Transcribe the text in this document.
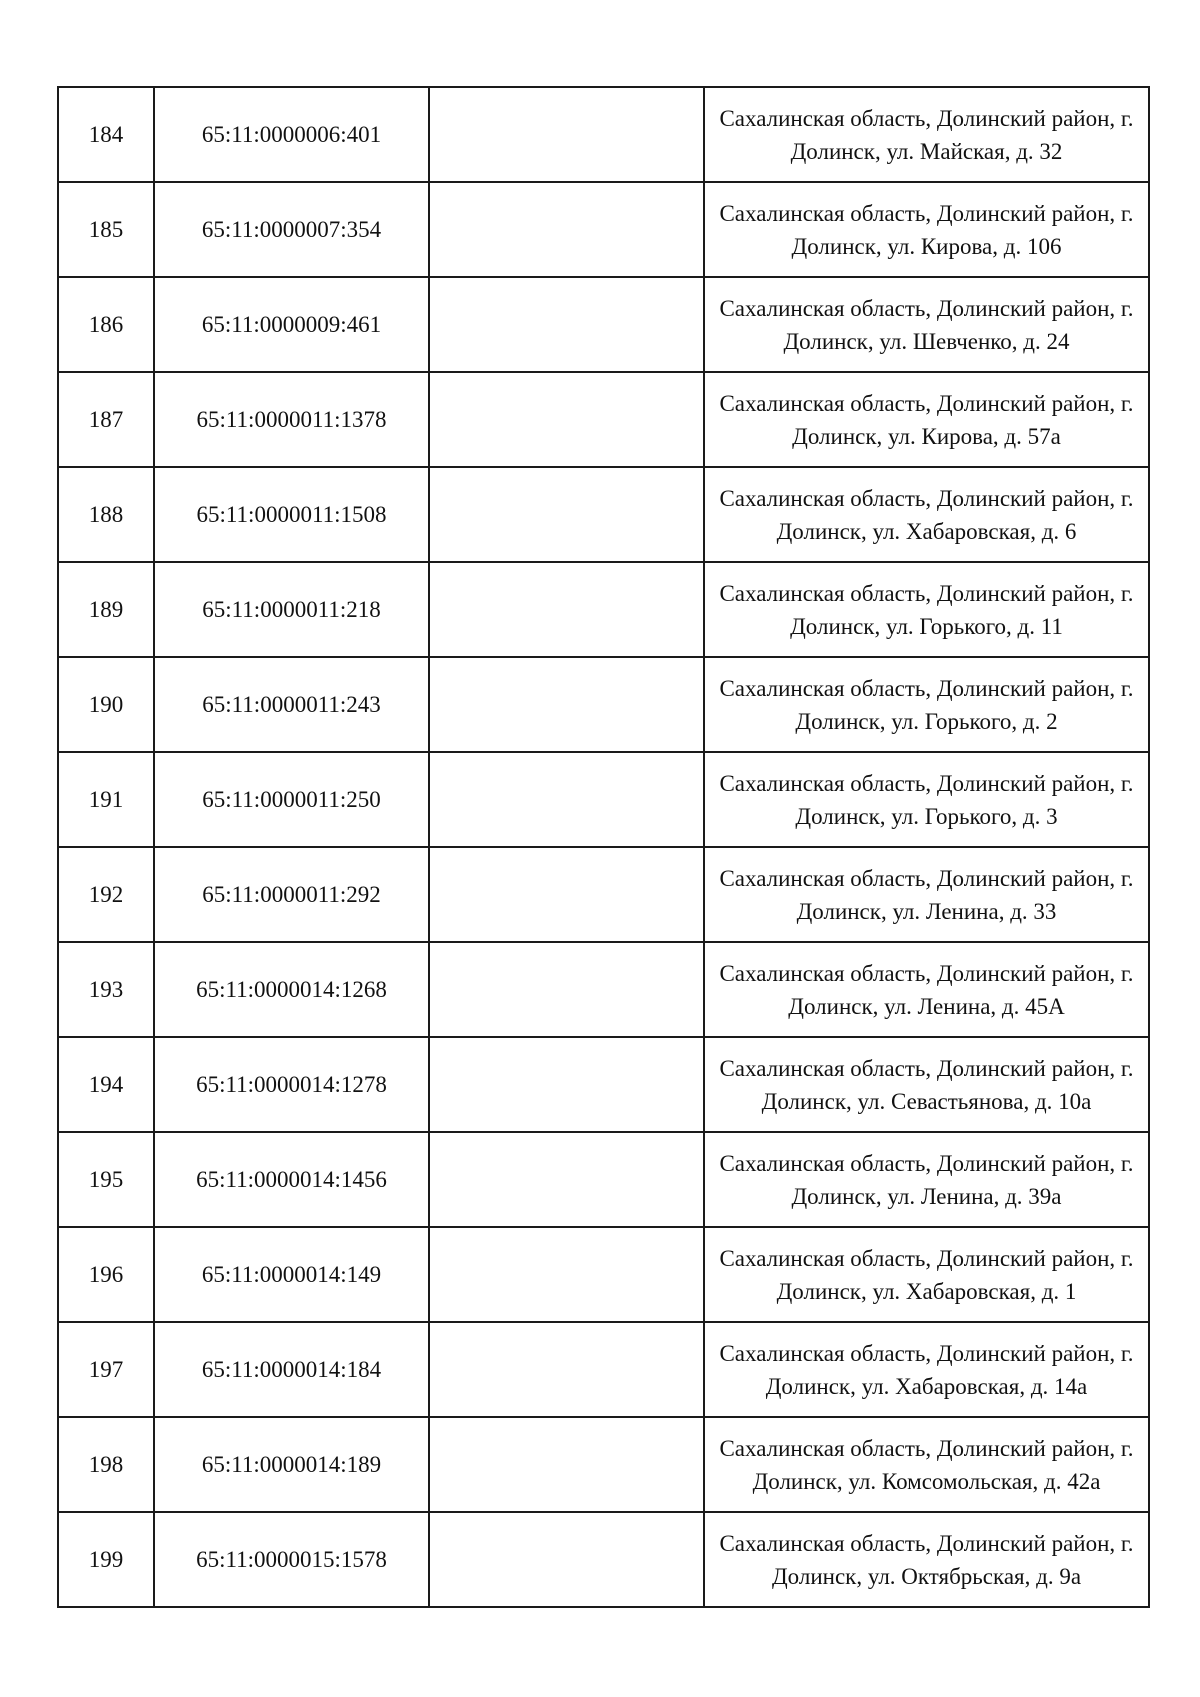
184	65:11:0000006:401		Сахалинская область, Долинский район, г. Долинск, ул. Майская, д. 32
185	65:11:0000007:354		Сахалинская область, Долинский район, г. Долинск, ул. Кирова, д. 106
186	65:11:0000009:461		Сахалинская область, Долинский район, г. Долинск, ул. Шевченко, д. 24
187	65:11:0000011:1378		Сахалинская область, Долинский район, г. Долинск, ул. Кирова, д. 57а
188	65:11:0000011:1508		Сахалинская область, Долинский район, г. Долинск, ул. Хабаровская, д. 6
189	65:11:0000011:218		Сахалинская область, Долинский район, г. Долинск, ул. Горького, д. 11
190	65:11:0000011:243		Сахалинская область, Долинский район, г. Долинск, ул. Горького, д. 2
191	65:11:0000011:250		Сахалинская область, Долинский район, г. Долинск, ул. Горького, д. 3
192	65:11:0000011:292		Сахалинская область, Долинский район, г. Долинск, ул. Ленина, д. 33
193	65:11:0000014:1268		Сахалинская область, Долинский район, г. Долинск, ул. Ленина, д. 45А
194	65:11:0000014:1278		Сахалинская область, Долинский район, г. Долинск, ул. Севастьянова, д. 10а
195	65:11:0000014:1456		Сахалинская область, Долинский район, г. Долинск, ул. Ленина, д. 39а
196	65:11:0000014:149		Сахалинская область, Долинский район, г. Долинск, ул. Хабаровская, д. 1
197	65:11:0000014:184		Сахалинская область, Долинский район, г. Долинск, ул. Хабаровская, д. 14а
198	65:11:0000014:189		Сахалинская область, Долинский район, г. Долинск, ул. Комсомольская, д. 42а
199	65:11:0000015:1578		Сахалинская область, Долинский район, г. Долинск, ул. Октябрьская, д. 9а
